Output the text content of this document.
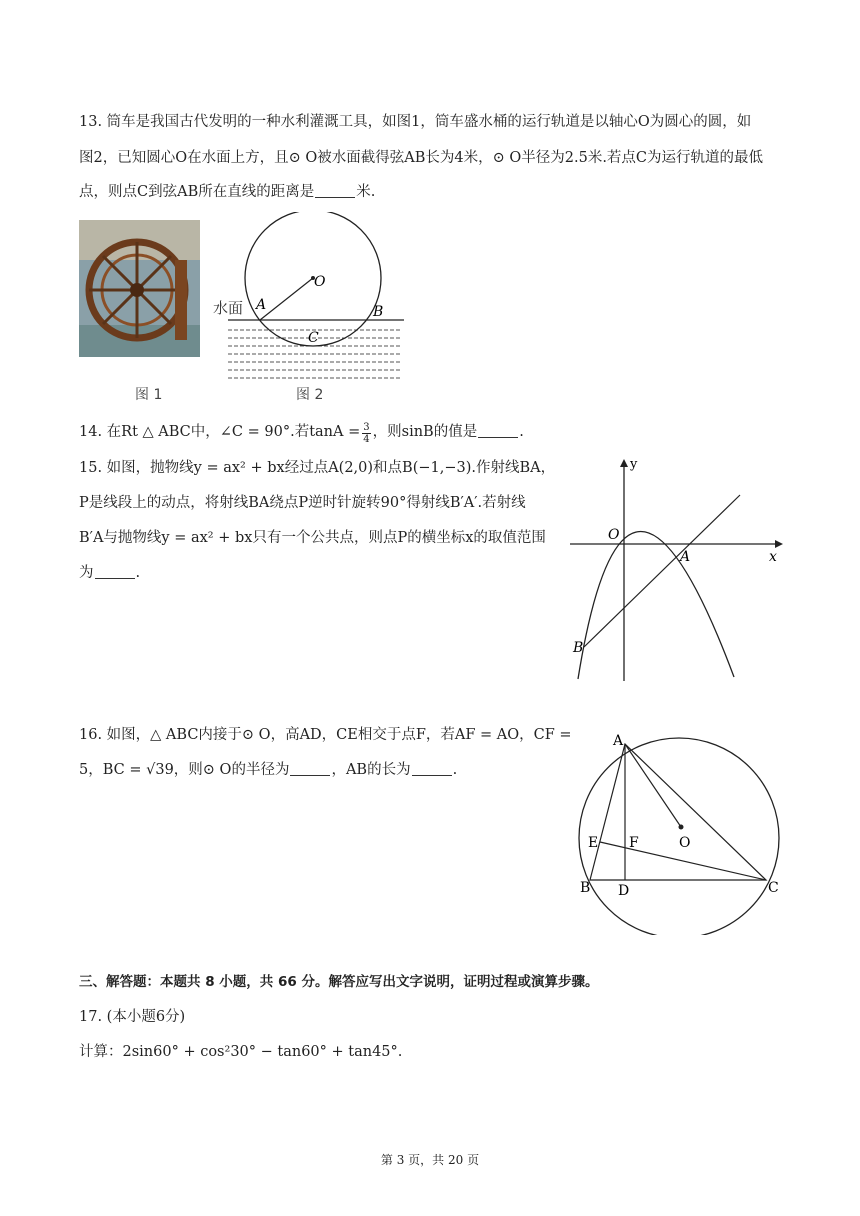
13. 筒车是我国古代发明的一种水利灌溉工具，如图1，筒车盛水桶的运行轨道是以轴心O为圆心的圆，如
图2，已知圆心O在水面上方，且⊙ O被水面截得弦AB长为4米，⊙ O半径为2.5米.若点C为运行轨道的最低
点，则点C到弦AB所在直线的距离是	米.
图 1
水面 A	B
C
O
图 2
14. 在Rt △ ABC中，∠C = 90°.若$\tan A = \frac{3}{4}$ ，则sinB的值是	.
15. 如图，抛物线y = ax² + bx经过点A(2,0)和点B(−1,−3).作射线BA，
P是线段上的动点，将射线BA绕点P逆时针旋转90°得射线B′A′.若射线
B′A与抛物线y = ax² + bx只有一个公共点，则点P的横坐标x的取值范围
为	.
y
x
O
A
B
16. 如图，△ ABC内接于⊙ O，高AD，CE相交于点F，若AF = AO，CF =
5，BC = √39，则⊙ O的半径为	，AB的长为	.
A
B	C
D
E F	O
三、解答题：本题共 8 小题，共 66 分。解答应写出文字说明，证明过程或演算步骤。
17. (本小题6分)
计算：2sin60° + cos²30° − tan60° + tan45°.
第 3 页，共 20 页
